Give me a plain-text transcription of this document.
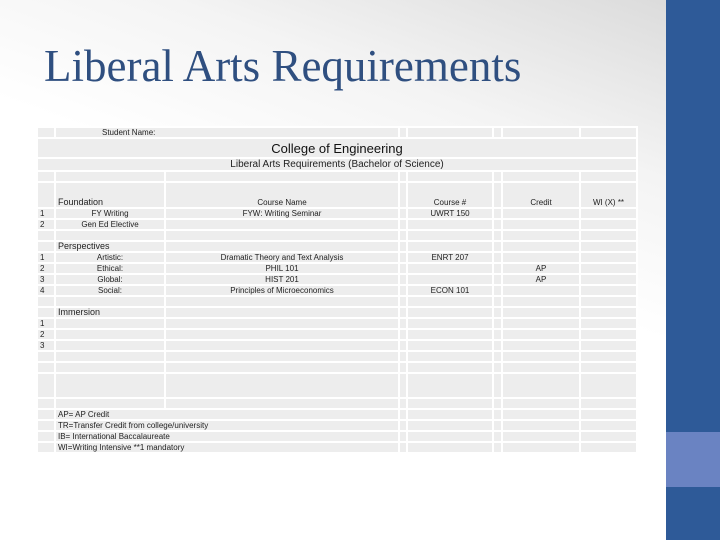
Liberal Arts Requirements
	Student Name:						
College of Engineering							
Liberal Arts Requirements (Bachelor of Science)							

	Foundation	Course Name		Course #		Credit	WI (X) **
1	FY Writing	FYW: Writing Seminar		UWRT 150			
2	Gen Ed Elective						

	Perspectives						
1	Artistic:	Dramatic Theory and Text Analysis		ENRT 207			
2	Ethical:	PHIL 101				AP	
3	Global:	HIST 201				AP	
4	Social:	Principles of Microeconomics		ECON 101			

	Immersion						
1							
2							
3							

	AP= AP Credit						
	TR=Transfer Credit from college/university						
	IB= International Baccalaureate						
	WI=Writing Intensive **1 mandatory						
